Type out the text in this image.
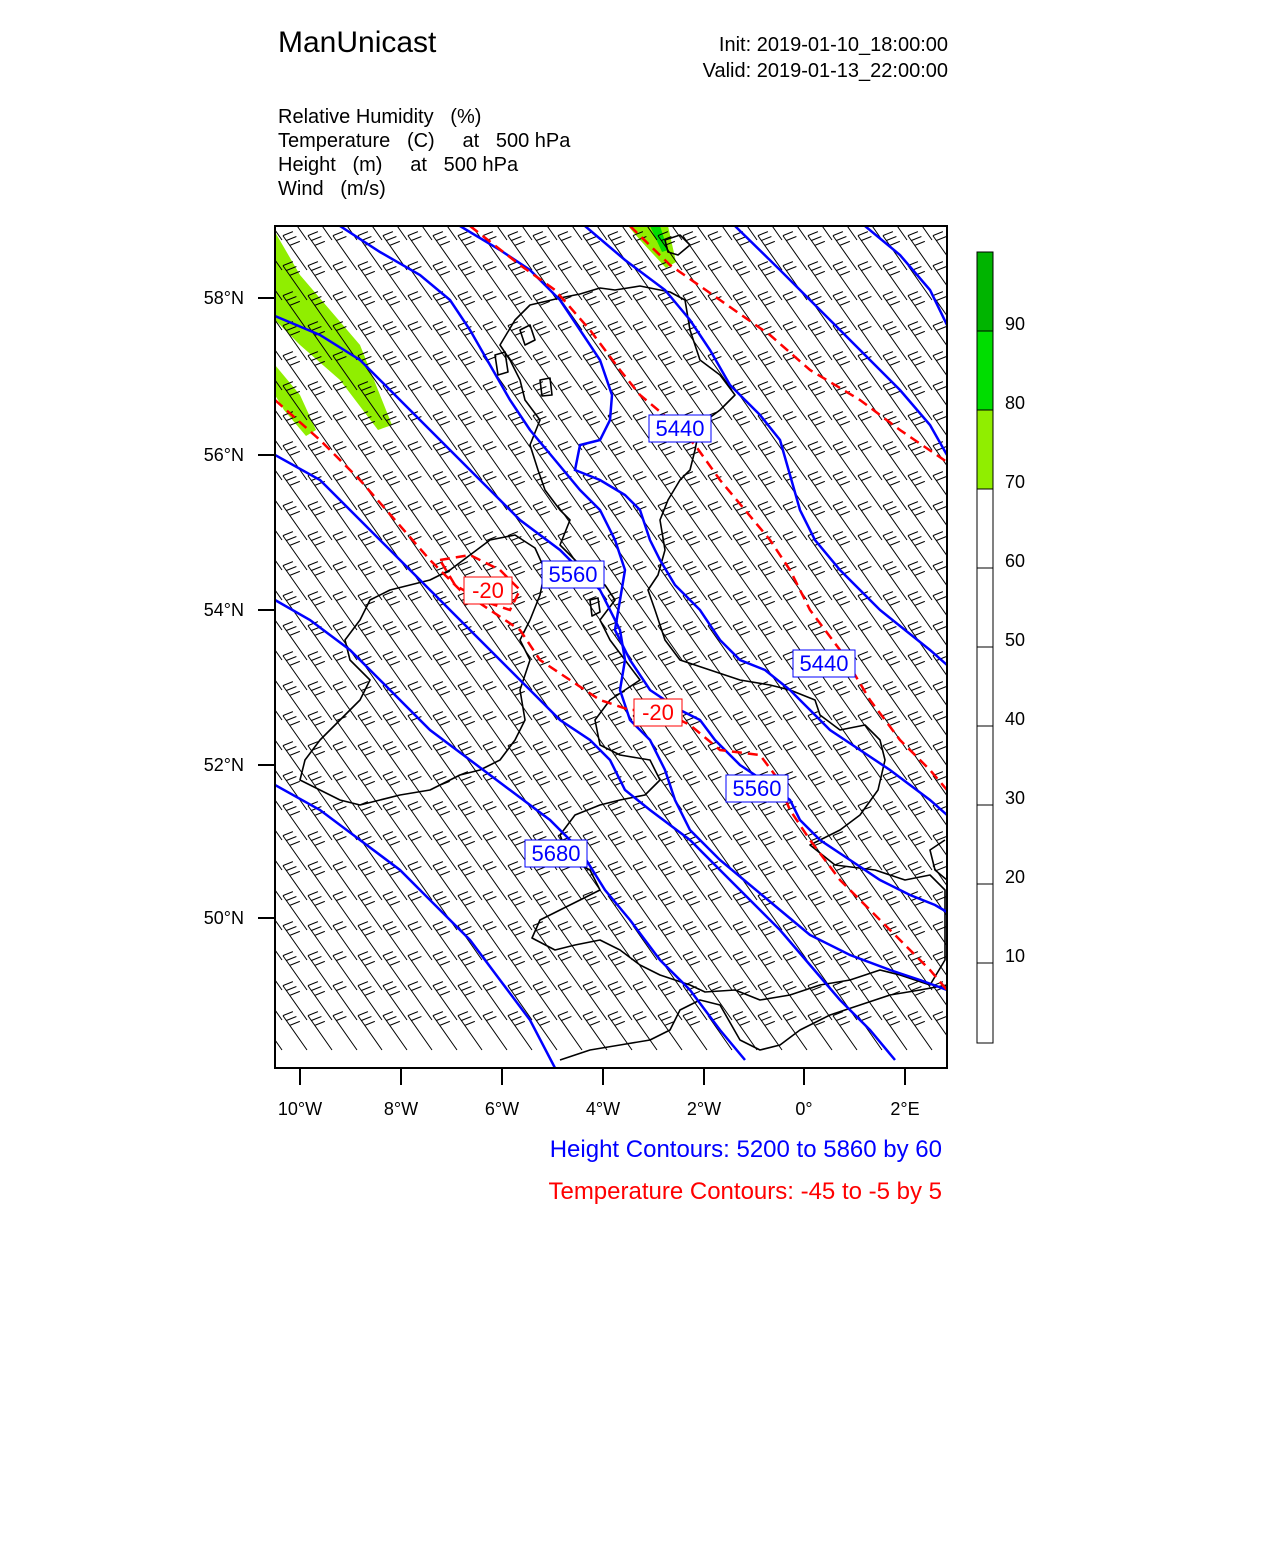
ManUnicast	Init: 2019-01-10_18:00:00
Valid: 2019-01-13_22:00:00
Relative Humidity (%)
Temperature (C) at   500 hPa
Height (m) at   500 hPa
Wind (m/s)
5440
5560
5440
5560
5680
-20
-20
58°N
56°N
54°N
52°N
50°N
10°W	8°W	6°W	4°W	2°W	0°	2°E
90
80
70
60
50
40
30
20
10
Height Contours: 5200 to 5860 by 60
Temperature Contours: -45 to -5 by 5
